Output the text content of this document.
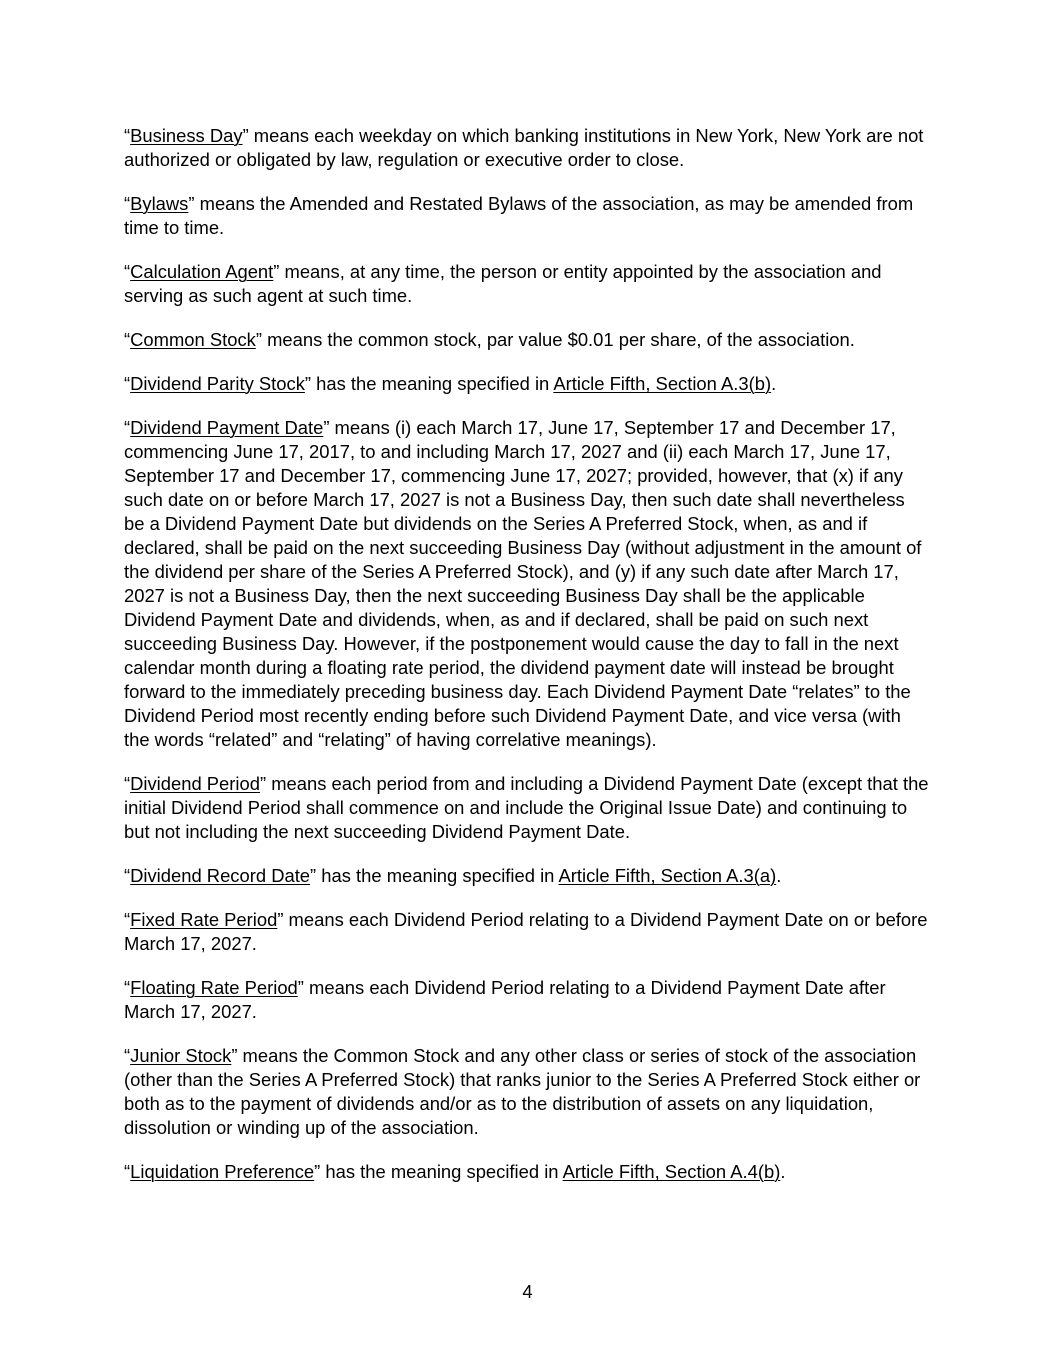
“Business Day” means each weekday on which banking institutions in New York, New York are not authorized or obligated by law, regulation or executive order to close.

“Bylaws” means the Amended and Restated Bylaws of the association, as may be amended from time to time.

“Calculation Agent” means, at any time, the person or entity appointed by the association and serving as such agent at such time.

“Common Stock” means the common stock, par value $0.01 per share, of the association.

“Dividend Parity Stock” has the meaning specified in Article Fifth, Section A.3(b).

“Dividend Payment Date” means (i) each March 17, June 17, September 17 and December 17, commencing June 17, 2017, to and including March 17, 2027 and (ii) each March 17, June 17, September 17 and December 17, commencing June 17, 2027; provided, however, that (x) if any such date on or before March 17, 2027 is not a Business Day, then such date shall nevertheless be a Dividend Payment Date but dividends on the Series A Preferred Stock, when, as and if declared, shall be paid on the next succeeding Business Day (without adjustment in the amount of the dividend per share of the Series A Preferred Stock), and (y) if any such date after March 17, 2027 is not a Business Day, then the next succeeding Business Day shall be the applicable Dividend Payment Date and dividends, when, as and if declared, shall be paid on such next succeeding Business Day. However, if the postponement would cause the day to fall in the next calendar month during a floating rate period, the dividend payment date will instead be brought forward to the immediately preceding business day. Each Dividend Payment Date “relates” to the Dividend Period most recently ending before such Dividend Payment Date, and vice versa (with the words “related” and “relating” of having correlative meanings).

“Dividend Period” means each period from and including a Dividend Payment Date (except that the initial Dividend Period shall commence on and include the Original Issue Date) and continuing to but not including the next succeeding Dividend Payment Date.

“Dividend Record Date” has the meaning specified in Article Fifth, Section A.3(a).

“Fixed Rate Period” means each Dividend Period relating to a Dividend Payment Date on or before March 17, 2027.

“Floating Rate Period” means each Dividend Period relating to a Dividend Payment Date after March 17, 2027.

“Junior Stock” means the Common Stock and any other class or series of stock of the association (other than the Series A Preferred Stock) that ranks junior to the Series A Preferred Stock either or both as to the payment of dividends and/or as to the distribution of assets on any liquidation, dissolution or winding up of the association.

“Liquidation Preference” has the meaning specified in Article Fifth, Section A.4(b).

4
